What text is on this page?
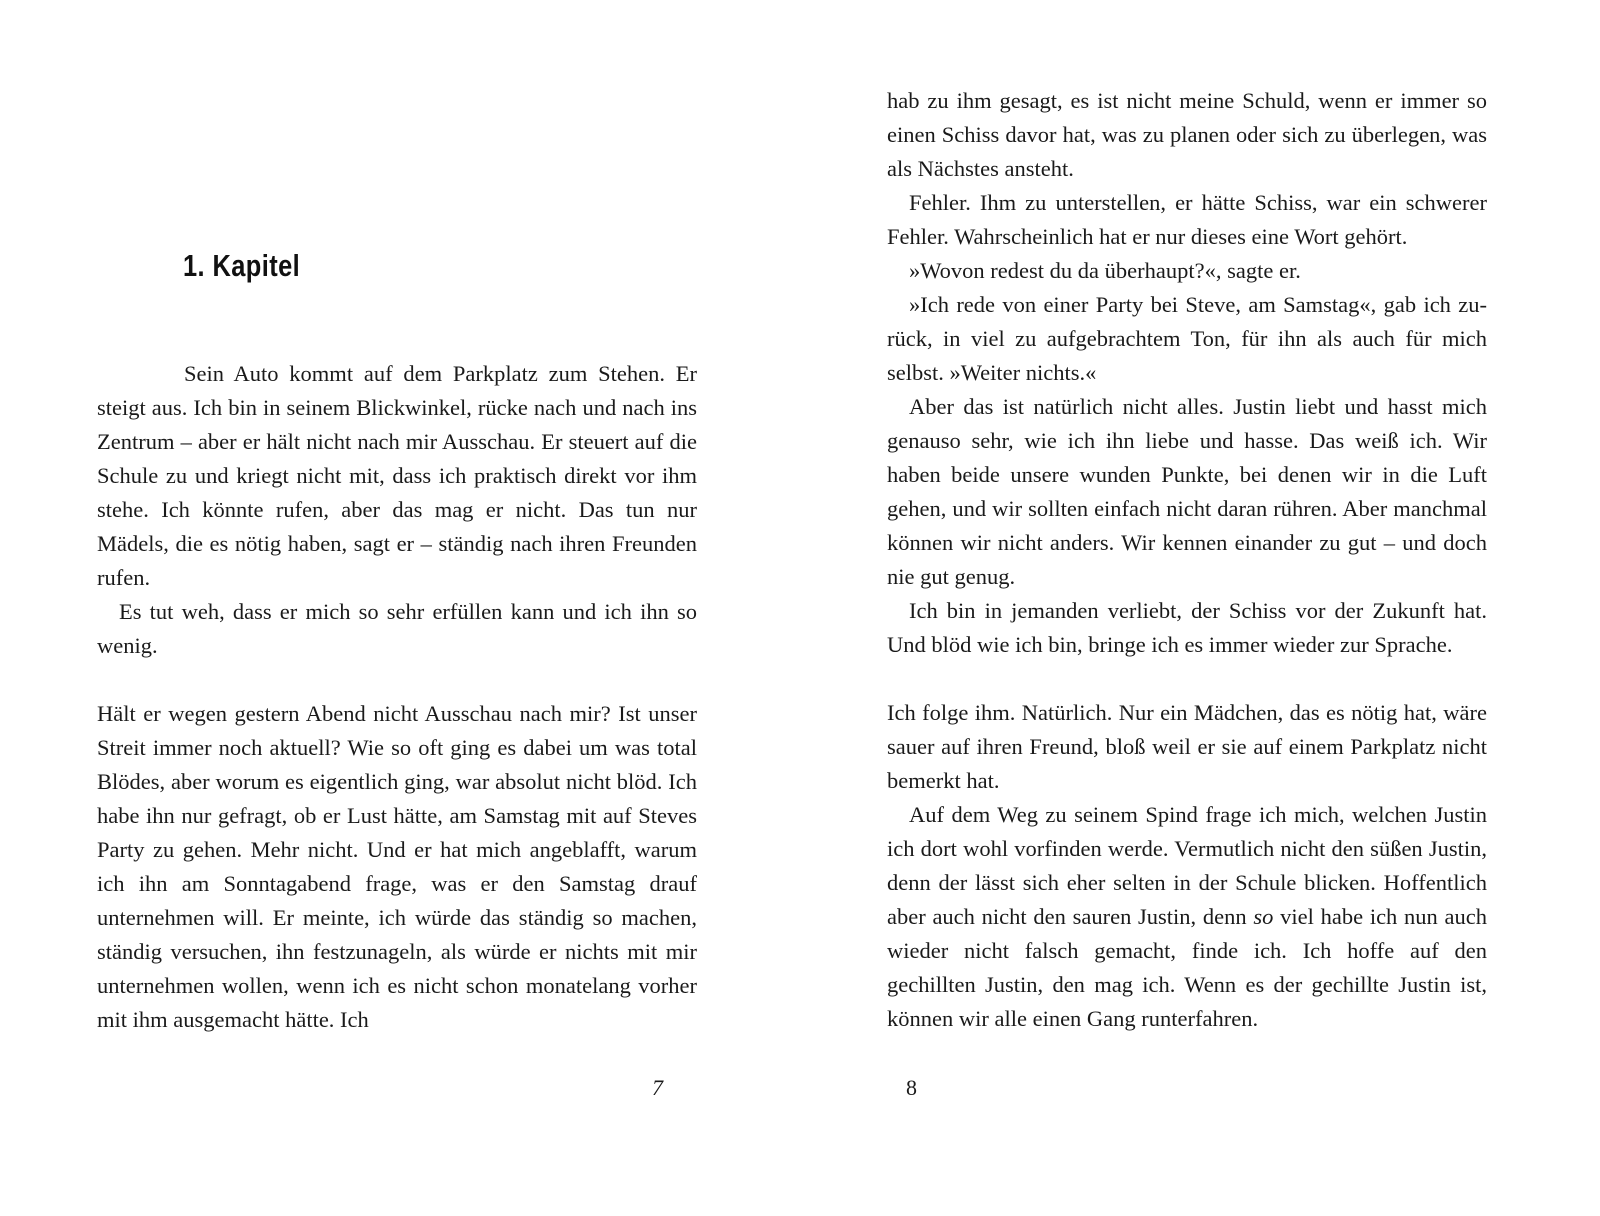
1. Kapitel

Sein Auto kommt auf dem Parkplatz zum Stehen. Er steigt aus. Ich bin in seinem Blickwinkel, rücke nach und nach ins Zentrum – aber er hält nicht nach mir Ausschau. Er steuert auf die Schule zu und kriegt nicht mit, dass ich praktisch direkt vor ihm stehe. Ich könnte rufen, aber das mag er nicht. Das tun nur Mädels, die es nötig haben, sagt er – ständig nach ihren Freunden rufen.

Es tut weh, dass er mich so sehr erfüllen kann und ich ihn so wenig.

Hält er wegen gestern Abend nicht Ausschau nach mir? Ist unser Streit immer noch aktuell? Wie so oft ging es dabei um was total Blödes, aber worum es eigentlich ging, war absolut nicht blöd. Ich habe ihn nur gefragt, ob er Lust hätte, am Samstag mit auf Steves Party zu gehen. Mehr nicht. Und er hat mich angeblafft, warum ich ihn am Sonntagabend frage, was er den Samstag drauf unternehmen will. Er meinte, ich würde das ständig so machen, ständig versuchen, ihn festzunageln, als würde er nichts mit mir unternehmen wollen, wenn ich es nicht schon monatelang vorher mit ihm ausgemacht hätte. Ich

7

hab zu ihm gesagt, es ist nicht meine Schuld, wenn er immer so einen Schiss davor hat, was zu planen oder sich zu überlegen, was als Nächstes ansteht.

Fehler. Ihm zu unterstellen, er hätte Schiss, war ein schwerer Fehler. Wahrscheinlich hat er nur dieses eine Wort gehört.

»Wovon redest du da überhaupt?«, sagte er.

»Ich rede von einer Party bei Steve, am Samstag«, gab ich zurück, in viel zu aufgebrachtem Ton, für ihn als auch für mich selbst. »Weiter nichts.«

Aber das ist natürlich nicht alles. Justin liebt und hasst mich genauso sehr, wie ich ihn liebe und hasse. Das weiß ich. Wir haben beide unsere wunden Punkte, bei denen wir in die Luft gehen, und wir sollten einfach nicht daran rühren. Aber manchmal können wir nicht anders. Wir kennen einander zu gut – und doch nie gut genug.

Ich bin in jemanden verliebt, der Schiss vor der Zukunft hat. Und blöd wie ich bin, bringe ich es immer wieder zur Sprache.

Ich folge ihm. Natürlich. Nur ein Mädchen, das es nötig hat, wäre sauer auf ihren Freund, bloß weil er sie auf einem Parkplatz nicht bemerkt hat.

Auf dem Weg zu seinem Spind frage ich mich, welchen Justin ich dort wohl vorfinden werde. Vermutlich nicht den süßen Justin, denn der lässt sich eher selten in der Schule blicken. Hoffentlich aber auch nicht den sauren Justin, denn so viel habe ich nun auch wieder nicht falsch gemacht, finde ich. Ich hoffe auf den gechillten Justin, den mag ich. Wenn es der gechillte Justin ist, können wir alle einen Gang runterfahren.

8
